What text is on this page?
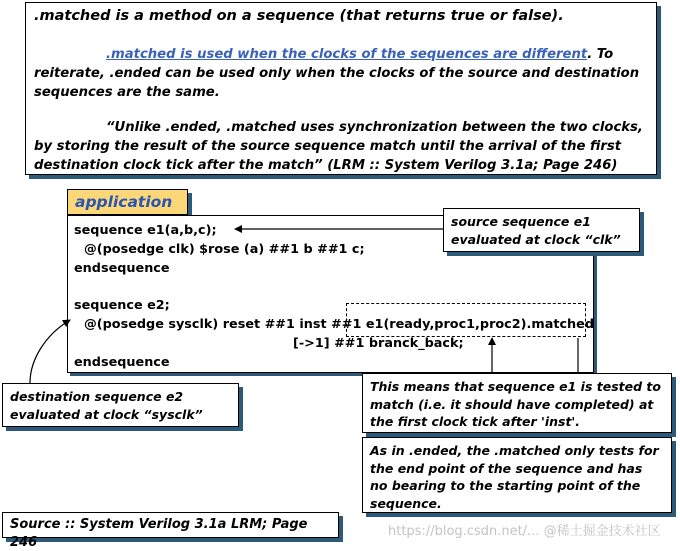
.matched is a method on a sequence (that returns true or false).
.matched is used when the clocks of the sequences are different. To reiterate, .ended can be used only when the clocks of the source and destination sequences are the same.
“Unlike .ended, .matched uses synchronization between the two clocks, by storing the result of the source sequence match until the arrival of the first destination clock tick after the match” (LRM :: System Verilog 3.1a; Page 246)
application
sequence e1(a,b,c);
@(posedge clk) $rose (a) ##1 b ##1 c;
endsequence
sequence e2;
@(posedge sysclk) reset ##1 inst ##1 e1(ready,proc1,proc2).matched
[->1] ##1 branck_back;
endsequence
source sequence e1 evaluated at clock “clk”
destination sequence e2 evaluated at clock “sysclk”
This means that sequence e1 is tested to match (i.e. it should have completed) at the first clock tick after 'inst'.
As in .ended, the .matched only tests for the end point of the sequence and has no bearing to the starting point of the sequence.
Source :: System Verilog 3.1a LRM; Page 246
https://blog.csdn.net/... @稀土掘金技术社区
